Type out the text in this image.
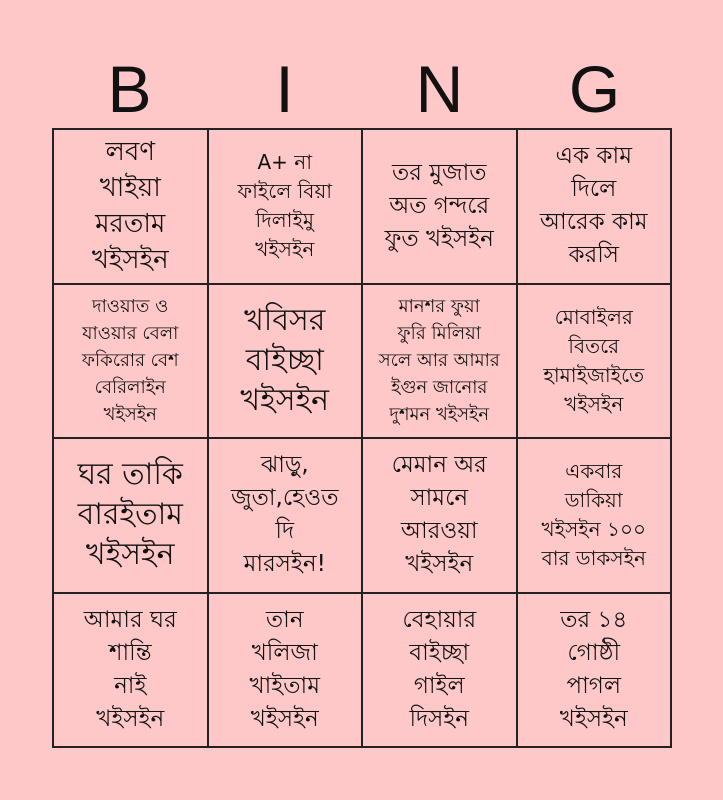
B	I	N	G
লবণ
খাইয়া
মরতাম
খইসইন
A+ না
ফাইলে বিয়া
দিলাইমু
খইসইন
তর মুজাত
অত গন্দরে
ফুত খইসইন
এক কাম
দিলে
আরেক কাম
করসি
দাওয়াত ও
যাওয়ার বেলা
ফকিরোর বেশ
বেরিলাইন
খইসইন
খবিসর
বাইচ্ছা
খইসইন
মানশর ফুয়া
ফুরি মিলিয়া
সলে আর আমার
ইগুন জানোর
দুশমন খইসইন
মোবাইলর
বিতরে
হামাইজাইতে
খইসইন
ঘর তাকি
বারইতাম
খইসইন
ঝাড়ু,
জুতা,হেওত
দি
মারসইন!
মেমান অর
সামনে
আরওয়া
খইসইন
একবার
ডাকিয়া
খইসইন ১০০
বার ডাকসইন
আমার ঘর
শান্তি
নাই
খইসইন
তান
খলিজা
খাইতাম
খইসইন
বেহায়ার
বাইচ্ছা
গাইল
দিসইন
তর ১৪
গোষ্ঠী
পাগল
খইসইন
